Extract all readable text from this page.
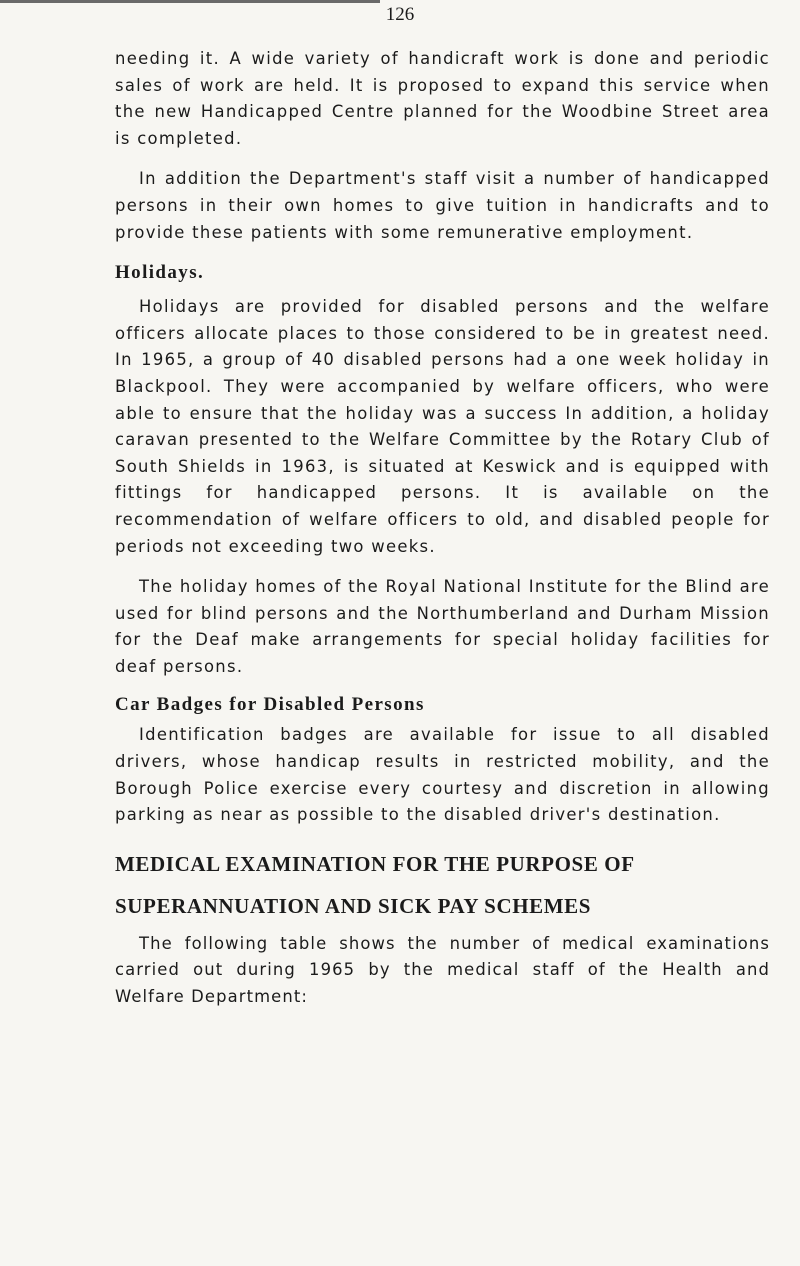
126

needing it. A wide variety of handicraft work is done and periodic sales of work are held. It is proposed to expand this service when the new Handicapped Centre planned for the Woodbine Street area is completed.

In addition the Department's staff visit a number of handicapped persons in their own homes to give tuition in handicrafts and to provide these patients with some remunerative employment.

Holidays.

Holidays are provided for disabled persons and the welfare officers allocate places to those considered to be in greatest need. In 1965, a group of 40 disabled persons had a one week holiday in Blackpool. They were accompanied by welfare officers, who were able to ensure that the holiday was a success In addition, a holiday caravan presented to the Welfare Committee by the Rotary Club of South Shields in 1963, is situated at Keswick and is equipped with fittings for handicapped persons. It is available on the recommendation of welfare officers to old, and disabled people for periods not exceeding two weeks.

The holiday homes of the Royal National Institute for the Blind are used for blind persons and the Northumberland and Durham Mission for the Deaf make arrangements for special holiday facilities for deaf persons.

Car Badges for Disabled Persons

Identification badges are available for issue to all disabled drivers, whose handicap results in restricted mobility, and the Borough Police exercise every courtesy and discretion in allowing parking as near as possible to the disabled driver's destination.

MEDICAL EXAMINATION FOR THE PURPOSE OF
SUPERANNUATION AND SICK PAY SCHEMES

The following table shows the number of medical examinations carried out during 1965 by the medical staff of the Health and Welfare Department:
